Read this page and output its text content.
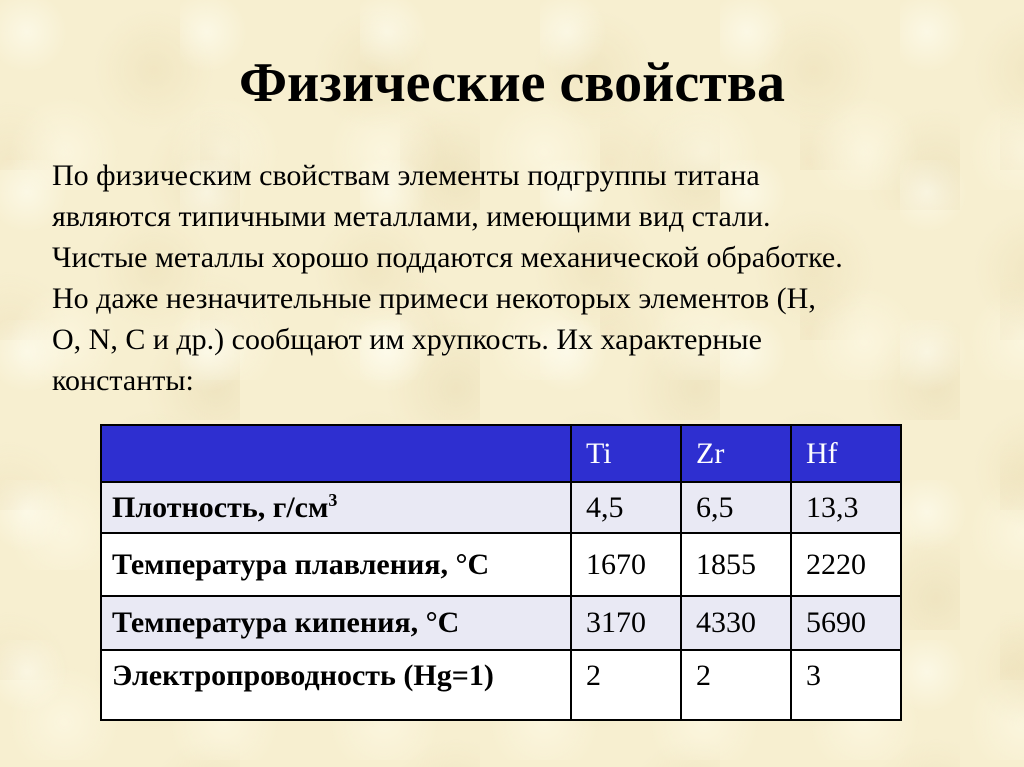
Физические свойства
По физическим свойствам элементы подгруппы титана
являются типичными металлами, имеющими вид стали.
Чистые металлы хорошо поддаются механической обработке.
Но даже незначительные примеси некоторых элементов (H,
O, N, C и др.) сообщают им хрупкость. Их характерные
константы:
	Ti	Zr	Hf
Плотность, $г/см^3$	4,5	6,5	13,3
Температура плавления, °С	1670	1855	2220
Температура кипения, °С	3170	4330	5690
Электропроводность (Hg=1)	2	2	3
